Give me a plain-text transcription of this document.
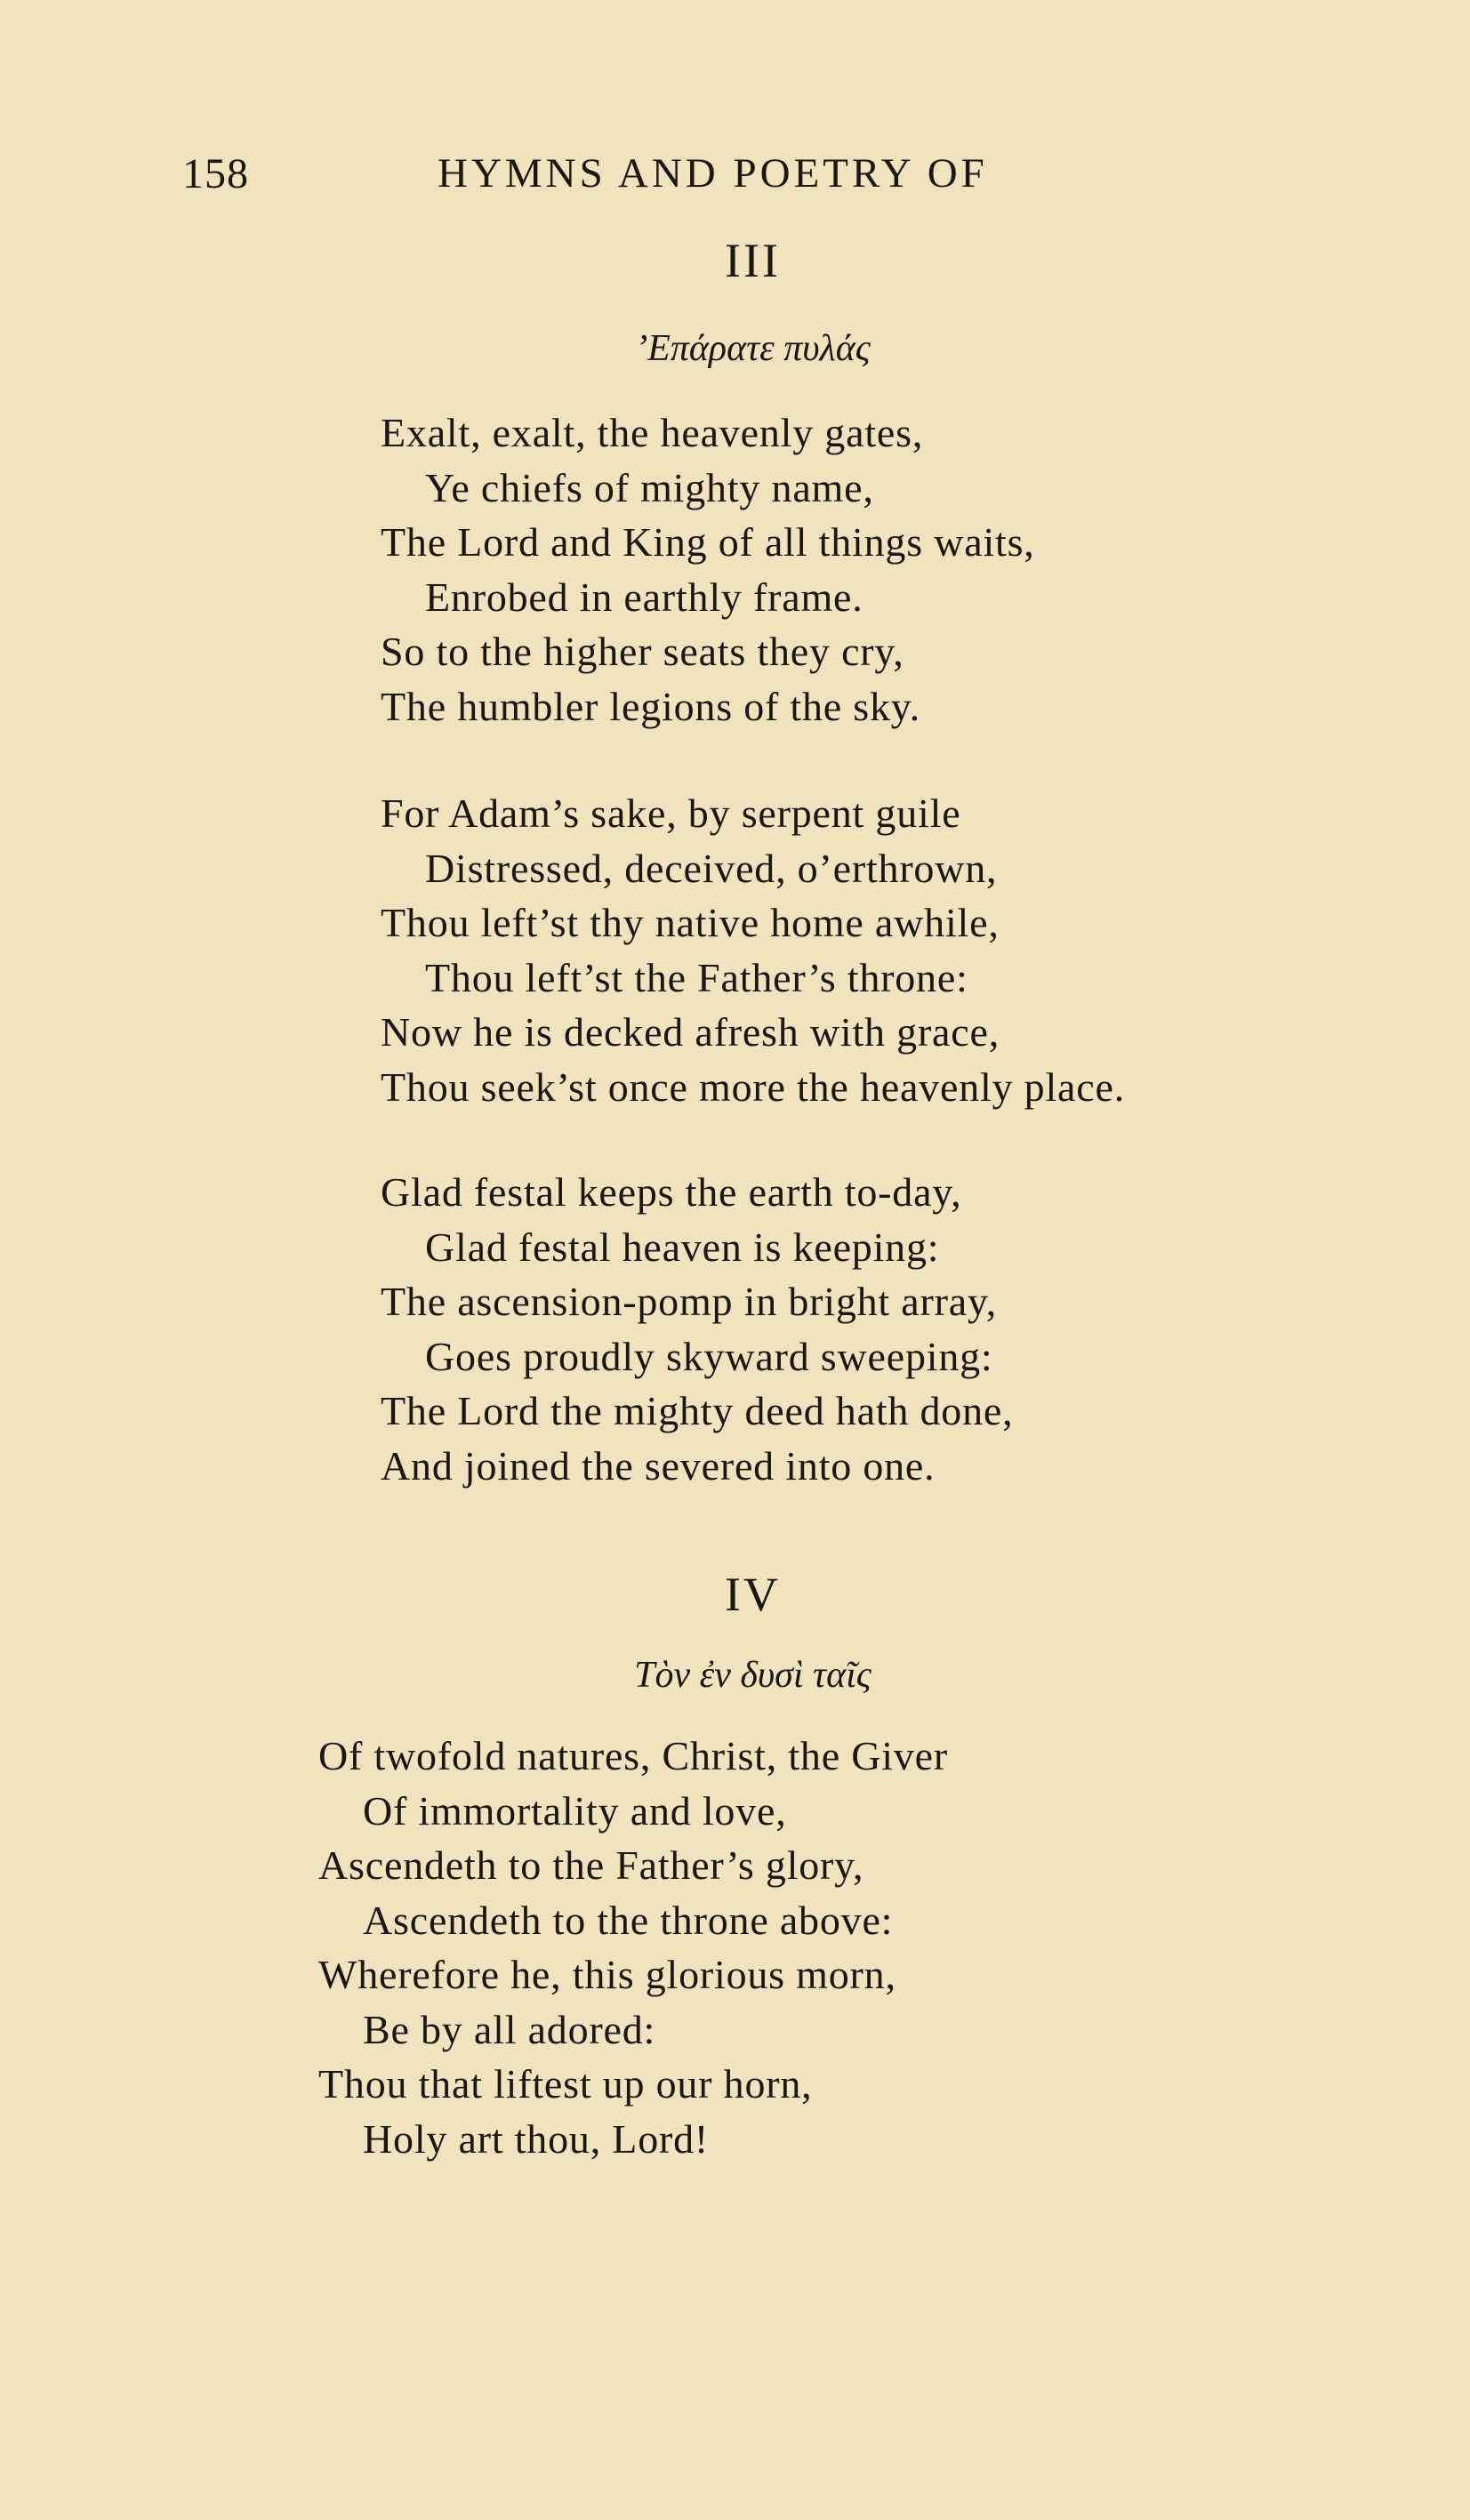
158	HYMNS AND POETRY OF
III
’Επάρατε πυλάς
Exalt, exalt, the heavenly gates,
Ye chiefs of mighty name,
The Lord and King of all things waits,
Enrobed in earthly frame.
So to the higher seats they cry,
The humbler legions of the sky.
For Adam’s sake, by serpent guile
Distressed, deceived, o’erthrown,
Thou left’st thy native home awhile,
Thou left’st the Father’s throne:
Now he is decked afresh with grace,
Thou seek’st once more the heavenly place.
Glad festal keeps the earth to-day,
Glad festal heaven is keeping:
The ascension-pomp in bright array,
Goes proudly skyward sweeping:
The Lord the mighty deed hath done,
And joined the severed into one.
IV
Τὸν ἐν δυσὶ ταῖς
Of twofold natures, Christ, the Giver
Of immortality and love,
Ascendeth to the Father’s glory,
Ascendeth to the throne above:
Wherefore he, this glorious morn,
Be by all adored:
Thou that liftest up our horn,
Holy art thou, Lord!
